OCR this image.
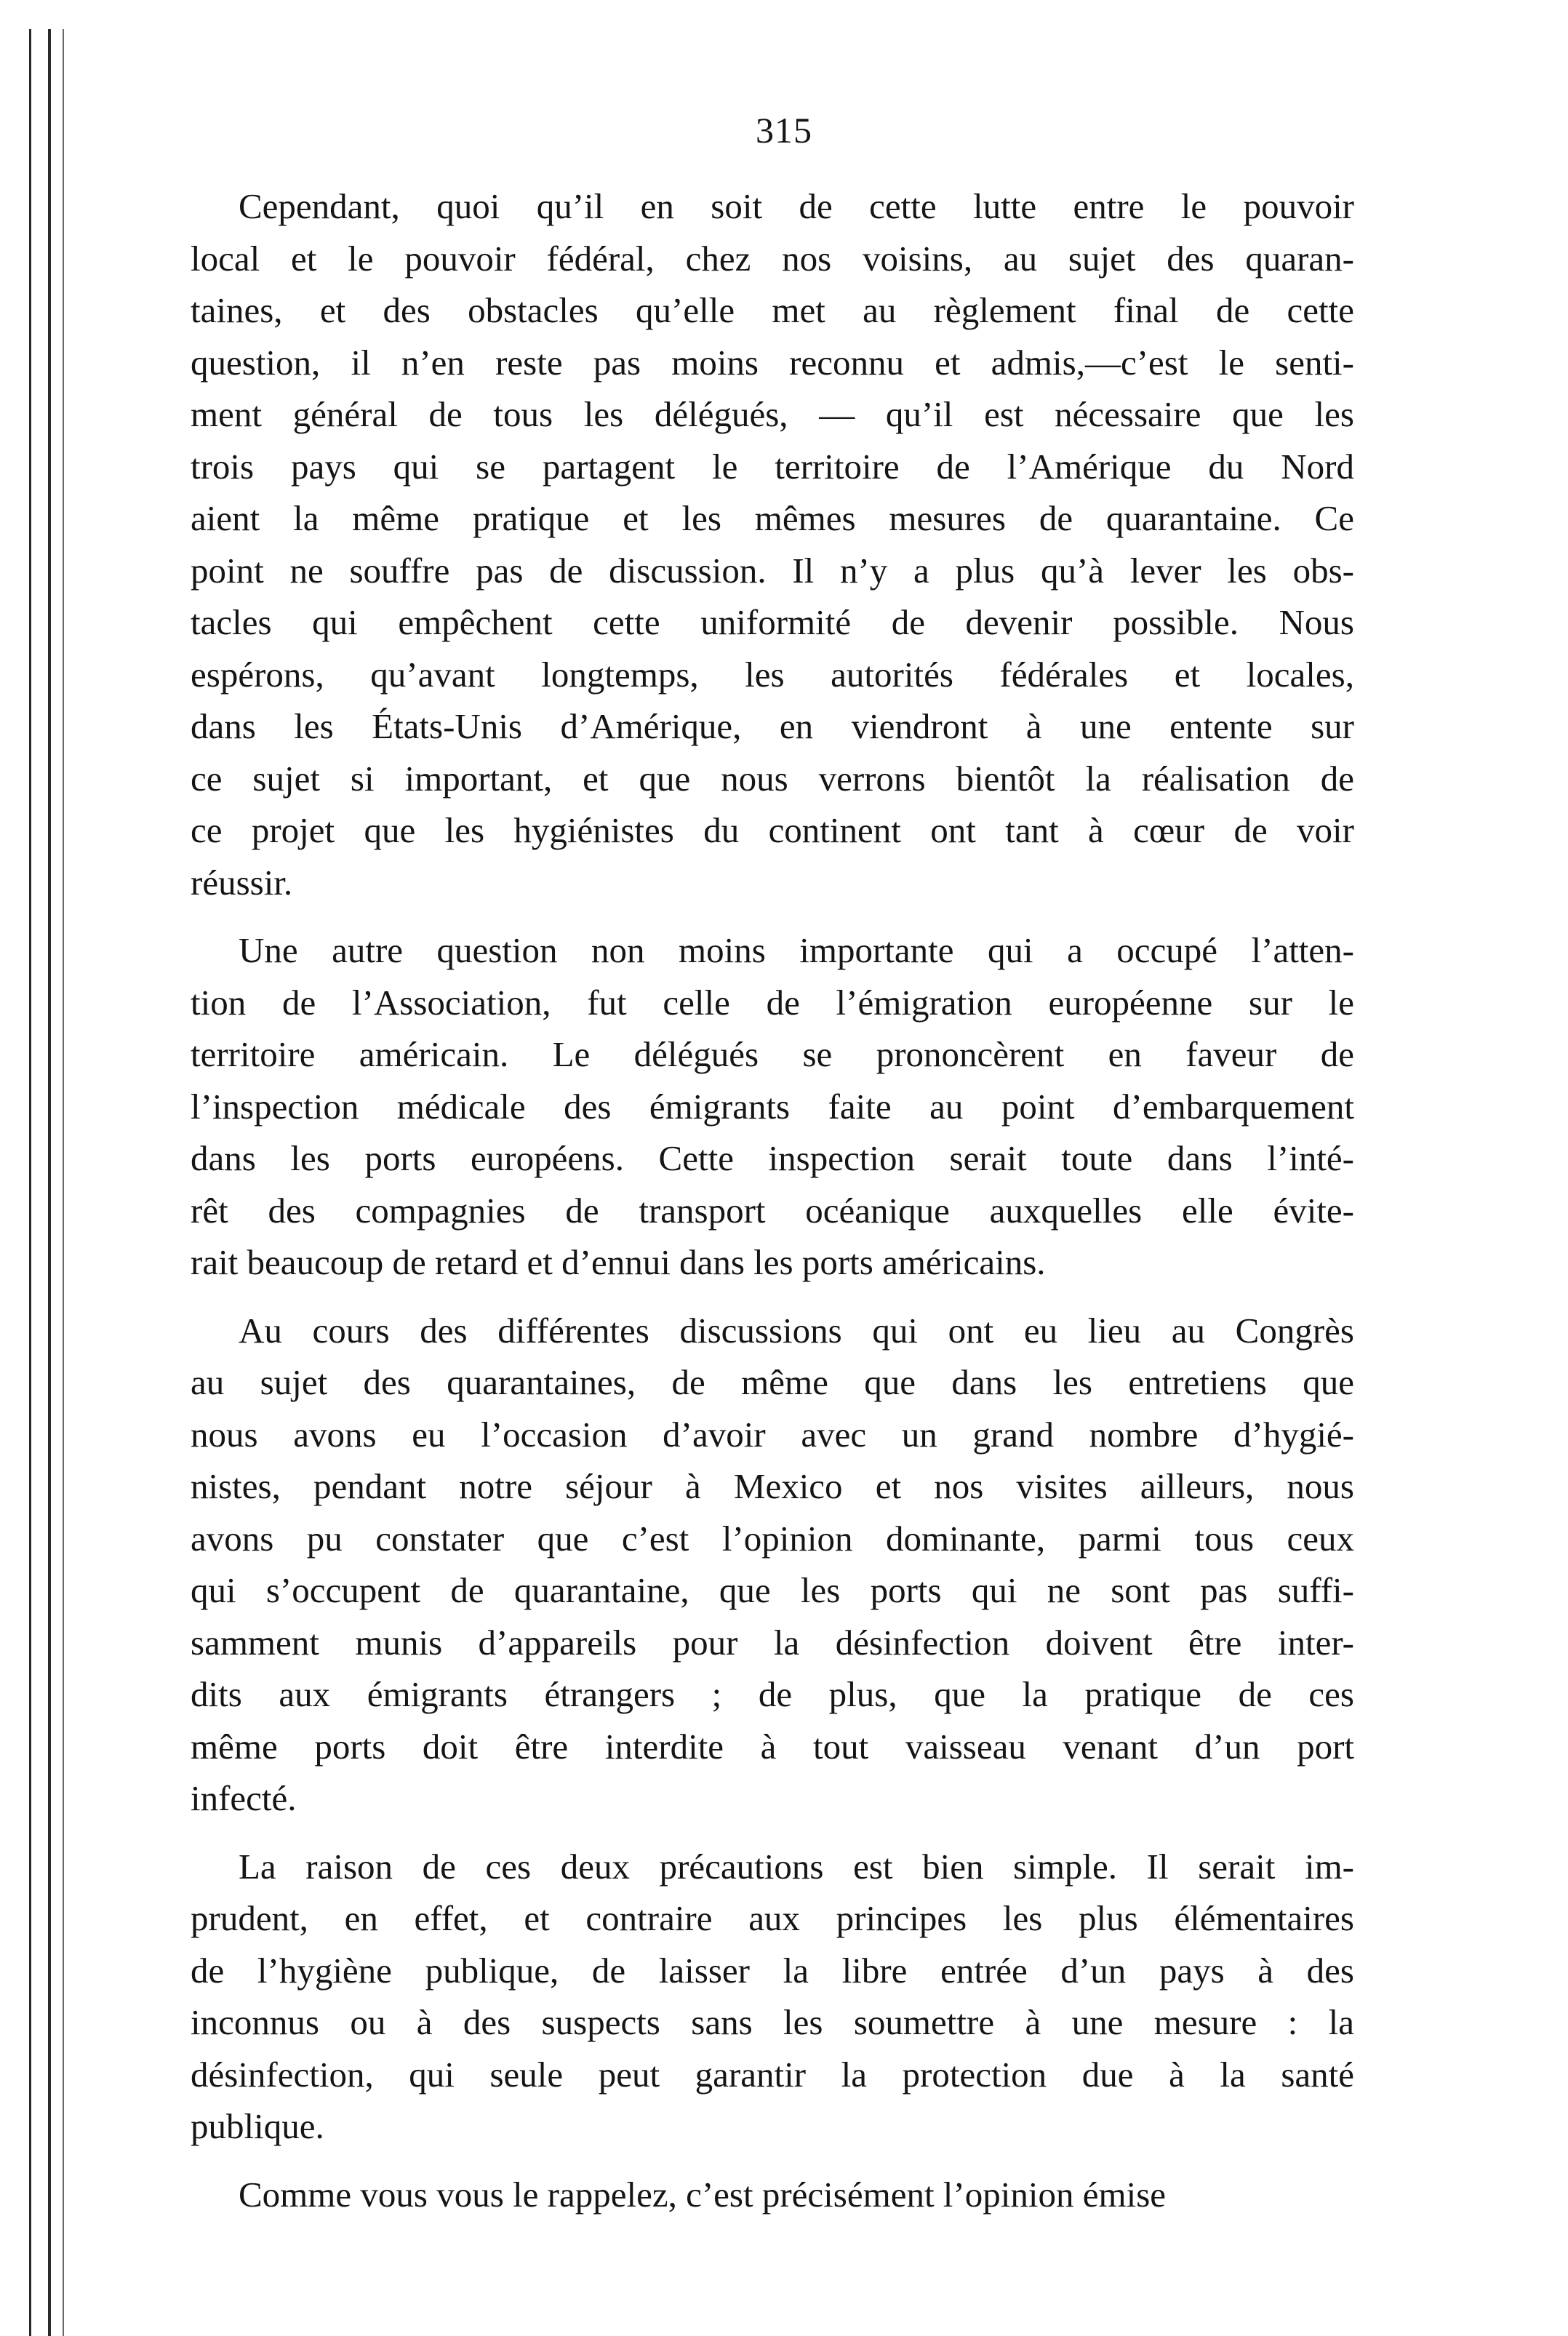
315
Cependant, quoi qu’il en soit de cette lutte entre le pouvoir
local et le pouvoir fédéral, chez nos voisins, au sujet des quaran-
taines, et des obstacles qu’elle met au règlement final de cette
question, il n’en reste pas moins reconnu et admis,—c’est le senti-
ment général de tous les délégués, — qu’il est nécessaire que les
trois pays qui se partagent le territoire de l’Amérique du Nord
aient la même pratique et les mêmes mesures de quarantaine. Ce
point ne souffre pas de discussion. Il n’y a plus qu’à lever les obs-
tacles qui empêchent cette uniformité de devenir possible. Nous
espérons, qu’avant longtemps, les autorités fédérales et locales,
dans les États-Unis d’Amérique, en viendront à une entente sur
ce sujet si important, et que nous verrons bientôt la réalisation de
ce projet que les hygiénistes du continent ont tant à cœur de voir
réussir.
Une autre question non moins importante qui a occupé l’atten-
tion de l’Association, fut celle de l’émigration européenne sur le
territoire américain. Le délégués se prononcèrent en faveur de
l’inspection médicale des émigrants faite au point d’embarquement
dans les ports européens. Cette inspection serait toute dans l’inté-
rêt des compagnies de transport océanique auxquelles elle évite-
rait beaucoup de retard et d’ennui dans les ports américains.
Au cours des différentes discussions qui ont eu lieu au Congrès
au sujet des quarantaines, de même que dans les entretiens que
nous avons eu l’occasion d’avoir avec un grand nombre d’hygié-
nistes, pendant notre séjour à Mexico et nos visites ailleurs, nous
avons pu constater que c’est l’opinion dominante, parmi tous ceux
qui s’occupent de quarantaine, que les ports qui ne sont pas suffi-
samment munis d’appareils pour la désinfection doivent être inter-
dits aux émigrants étrangers ; de plus, que la pratique de ces
même ports doit être interdite à tout vaisseau venant d’un port
infecté.
La raison de ces deux précautions est bien simple. Il serait im-
prudent, en effet, et contraire aux principes les plus élémentaires
de l’hygiène publique, de laisser la libre entrée d’un pays à des
inconnus ou à des suspects sans les soumettre à une mesure : la
désinfection, qui seule peut garantir la protection due à la santé
publique.
Comme vous vous le rappelez, c’est précisément l’opinion émise
